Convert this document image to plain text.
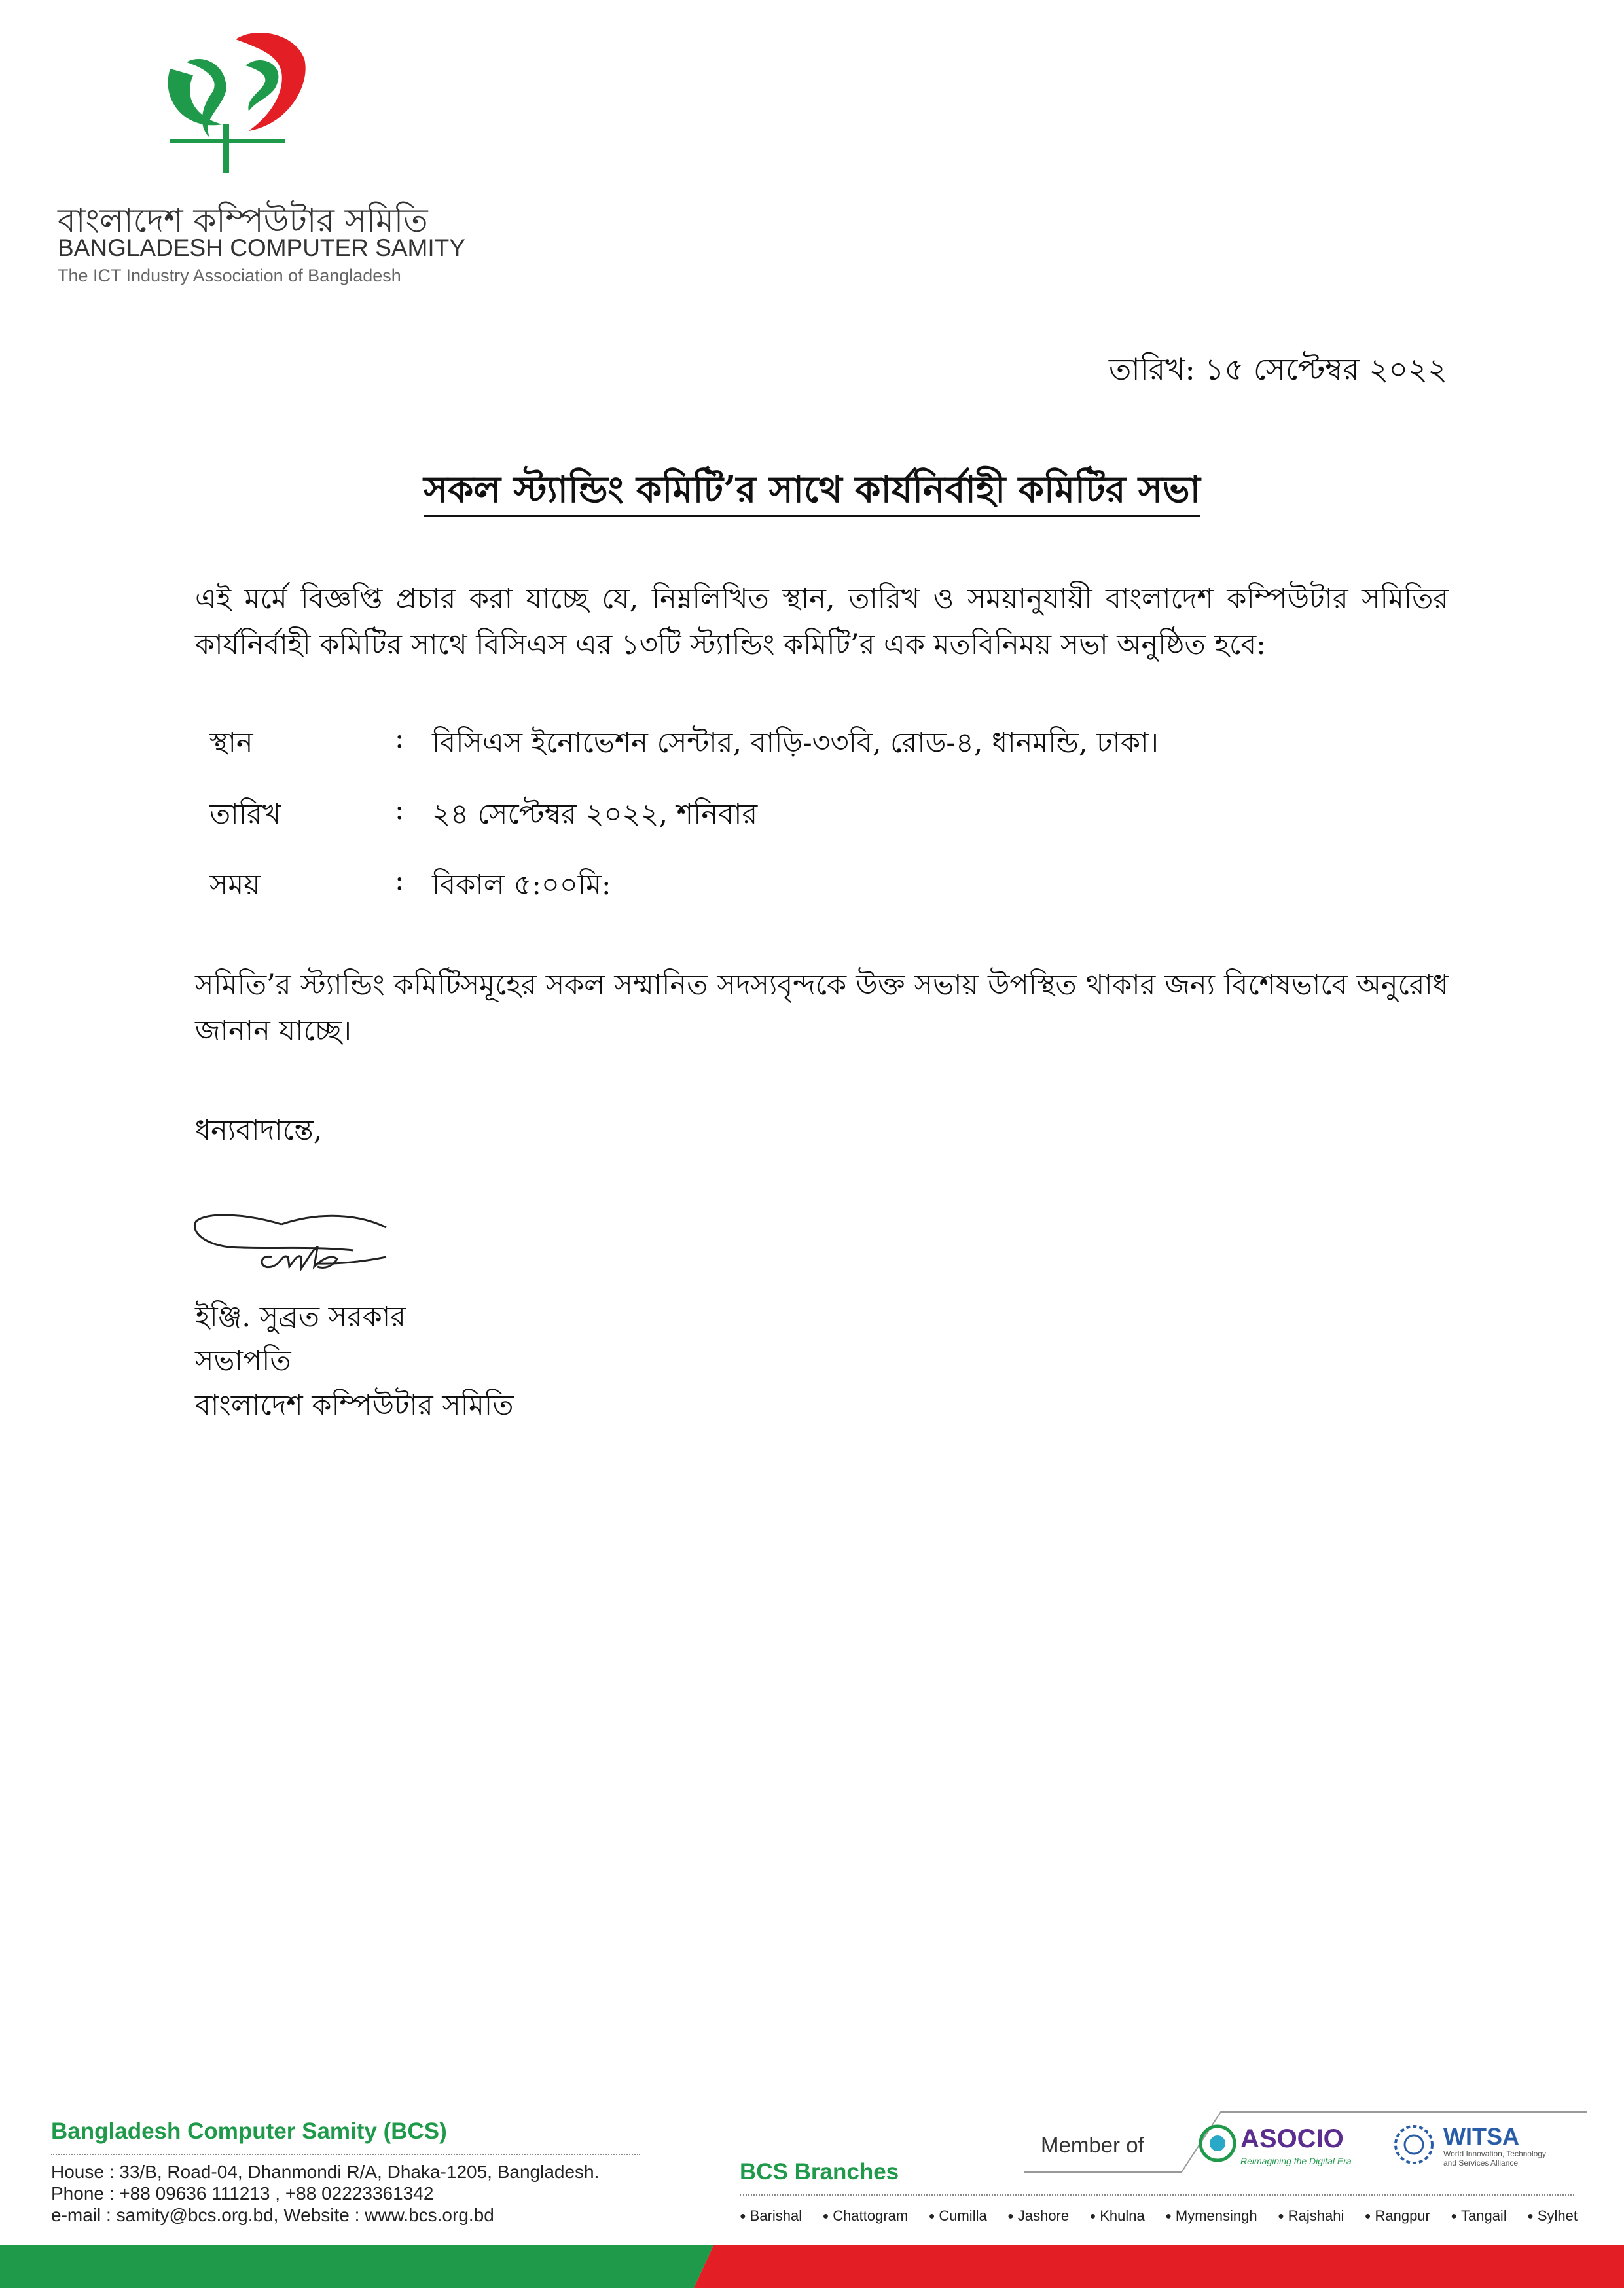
BCS
বাংলাদেশ কম্পিউটার সমিতি
BANGLADESH COMPUTER SAMITY
The ICT Industry Association of Bangladesh
তারিখ: ১৫ সেপ্টেম্বর ২০২২
সকল স্ট্যান্ডিং কমিটি’র সাথে কার্যনির্বাহী কমিটির সভা
এই মর্মে বিজ্ঞপ্তি প্রচার করা যাচ্ছে যে, নিম্নলিখিত স্থান, তারিখ ও সময়ানুযায়ী বাংলাদেশ কম্পিউটার সমিতির কার্যনির্বাহী কমিটির সাথে বিসিএস এর ১৩টি স্ট্যান্ডিং কমিটি’র এক মতবিনিময় সভা অনুষ্ঠিত হবে:
স্থান	: বিসিএস ইনোভেশন সেন্টার, বাড়ি-৩৩বি, রোড-৪, ধানমন্ডি, ঢাকা।
তারিখ	: ২৪ সেপ্টেম্বর ২০২২, শনিবার
সময়	: বিকাল ৫:০০মি:
সমিতি’র স্ট্যান্ডিং কমিটিসমূহের সকল সম্মানিত সদস্যবৃন্দকে উক্ত সভায় উপস্থিত থাকার জন্য বিশেষভাবে অনুরোধ জানান যাচ্ছে।
ধন্যবাদান্তে,
ইঞ্জি. সুব্রত সরকার
সভাপতি
বাংলাদেশ কম্পিউটার সমিতি
Bangladesh Computer Samity (BCS)
House : 33/B, Road-04, Dhanmondi R/A, Dhaka-1205, Bangladesh.
Phone : +88 09636 111213 , +88 02223361342
e-mail : samity@bcs.org.bd, Website : www.bcs.org.bd
Member of	ASOCIO
Reimagining the Digital Era
WITSA
World Innovation, Technology
and Services Alliance
BCS Branches
● Barishal	● Chattogram	● Cumilla	● Jashore	● Khulna	● Mymensingh	● Rajshahi	● Rangpur	● Tangail	● Sylhet
